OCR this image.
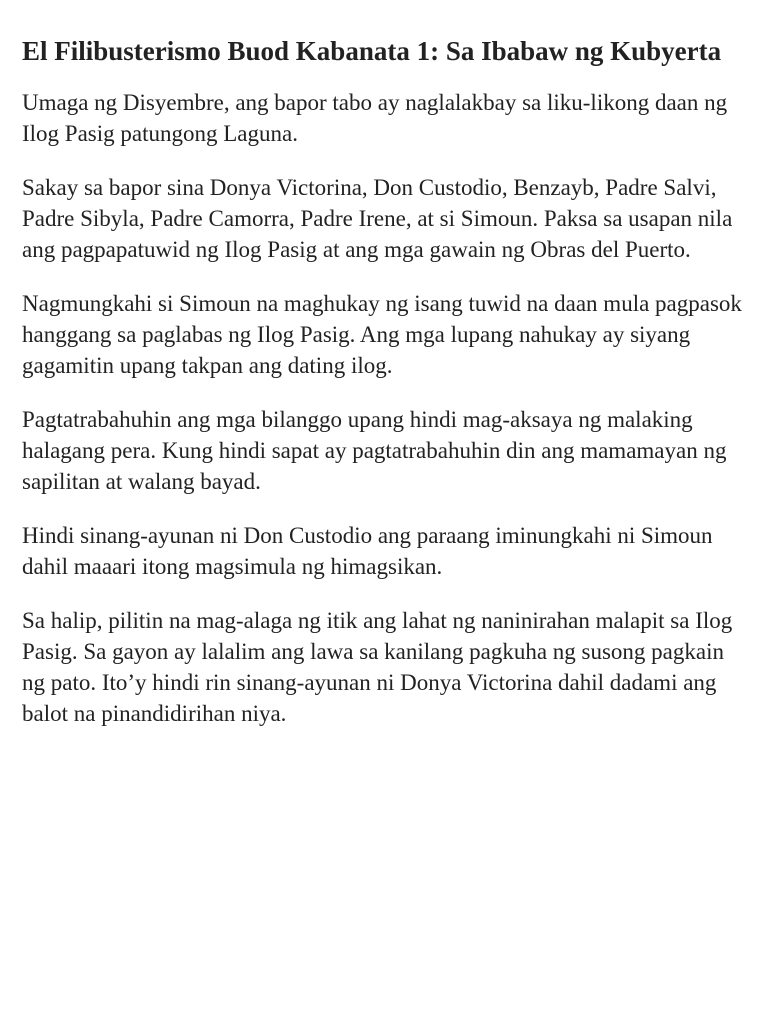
El Filibusterismo Buod Kabanata 1: Sa Ibabaw ng Kubyerta

Umaga ng Disyembre, ang bapor tabo ay naglalakbay sa liku-likong daan ng Ilog Pasig patungong Laguna.

Sakay sa bapor sina Donya Victorina, Don Custodio, Benzayb, Padre Salvi, Padre Sibyla, Padre Camorra, Padre Irene, at si Simoun. Paksa sa usapan nila ang pagpapatuwid ng Ilog Pasig at ang mga gawain ng Obras del Puerto.

Nagmungkahi si Simoun na maghukay ng isang tuwid na daan mula pagpasok hanggang sa paglabas ng Ilog Pasig. Ang mga lupang nahukay ay siyang gagamitin upang takpan ang dating ilog.

Pagtatrabahuhin ang mga bilanggo upang hindi mag-aksaya ng malaking halagang pera. Kung hindi sapat ay pagtatrabahuhin din ang mamamayan ng sapilitan at walang bayad.

Hindi sinang-ayunan ni Don Custodio ang paraang iminungkahi ni Simoun dahil maaari itong magsimula ng himagsikan.

Sa halip, pilitin na mag-alaga ng itik ang lahat ng naninirahan malapit sa Ilog Pasig. Sa gayon ay lalalim ang lawa sa kanilang pagkuha ng susong pagkain ng pato. Ito’y hindi rin sinang-ayunan ni Donya Victorina dahil dadami ang balot na pinandidirihan niya.
